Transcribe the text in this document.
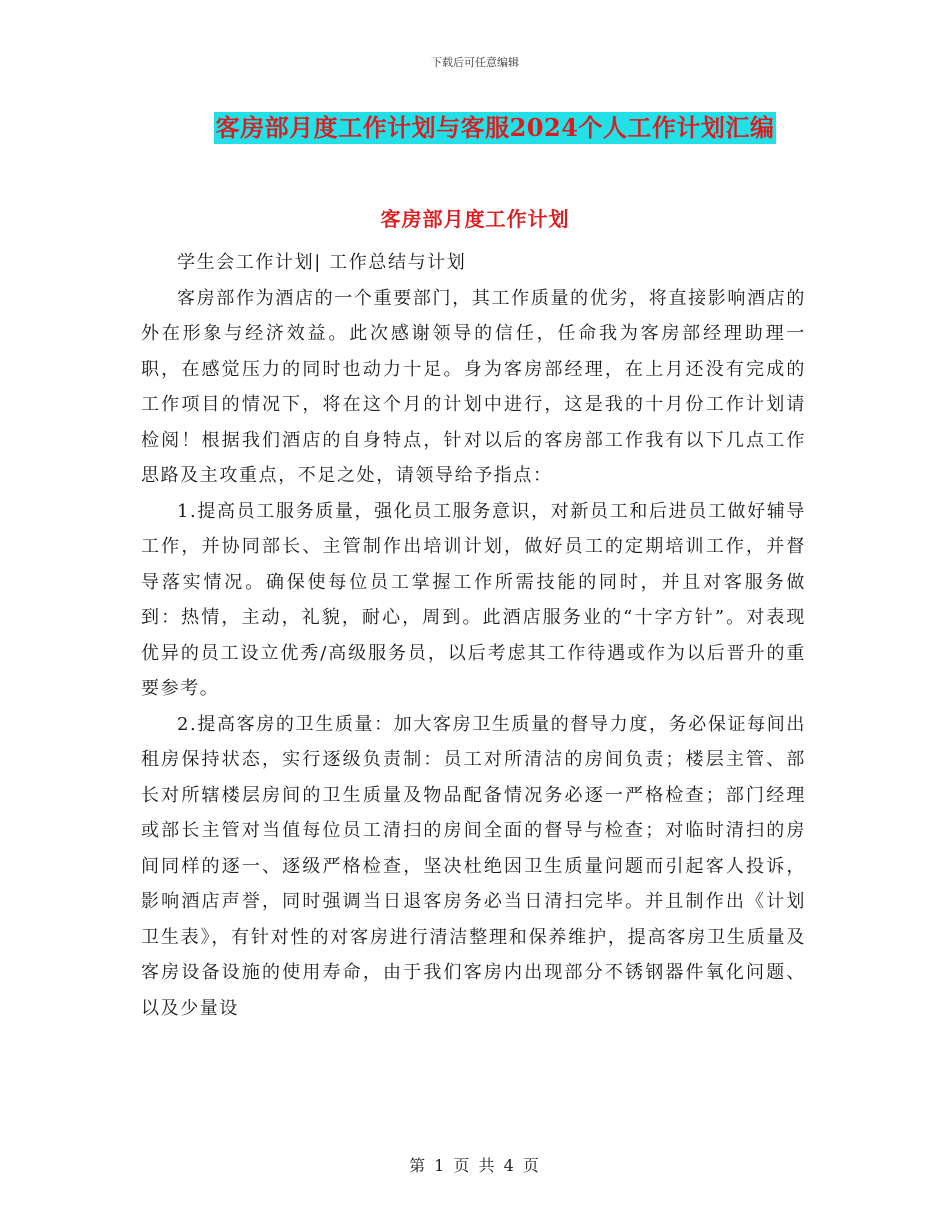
下载后可任意编辑
客房部月度工作计划与客服2024个人工作计划汇编
客房部月度工作计划

学生会工作计划| 工作总结与计划

客房部作为酒店的一个重要部门，其工作质量的优劣，将直接影响酒店的外在形象与经济效益。此次感谢领导的信任，任命我为客房部经理助理一职，在感觉压力的同时也动力十足。身为客房部经理，在上月还没有完成的工作项目的情况下，将在这个月的计划中进行，这是我的十月份工作计划请检阅！根据我们酒店的自身特点，针对以后的客房部工作我有以下几点工作思路及主攻重点，不足之处，请领导给予指点：

1.提高员工服务质量，强化员工服务意识，对新员工和后进员工做好辅导工作，并协同部长、主管制作出培训计划，做好员工的定期培训工作，并督导落实情况。确保使每位员工掌握工作所需技能的同时，并且对客服务做到：热情，主动，礼貌，耐心，周到。此酒店服务业的“十字方针”。对表现优异的员工设立优秀/高级服务员，以后考虑其工作待遇或作为以后晋升的重要参考。

2.提高客房的卫生质量：加大客房卫生质量的督导力度，务必保证每间出租房保持状态，实行逐级负责制：员工对所清洁的房间负责；楼层主管、部长对所辖楼层房间的卫生质量及物品配备情况务必逐一严格检查；部门经理或部长主管对当值每位员工清扫的房间全面的督导与检查；对临时清扫的房间同样的逐一、逐级严格检查，坚决杜绝因卫生质量问题而引起客人投诉，影响酒店声誉，同时强调当日退客房务必当日清扫完毕。并且制作出《计划卫生表》，有针对性的对客房进行清洁整理和保养维护，提高客房卫生质量及客房设备设施的使用寿命，由于我们客房内出现部分不锈钢器件氧化问题、以及少量设

第 1 页 共 4 页
